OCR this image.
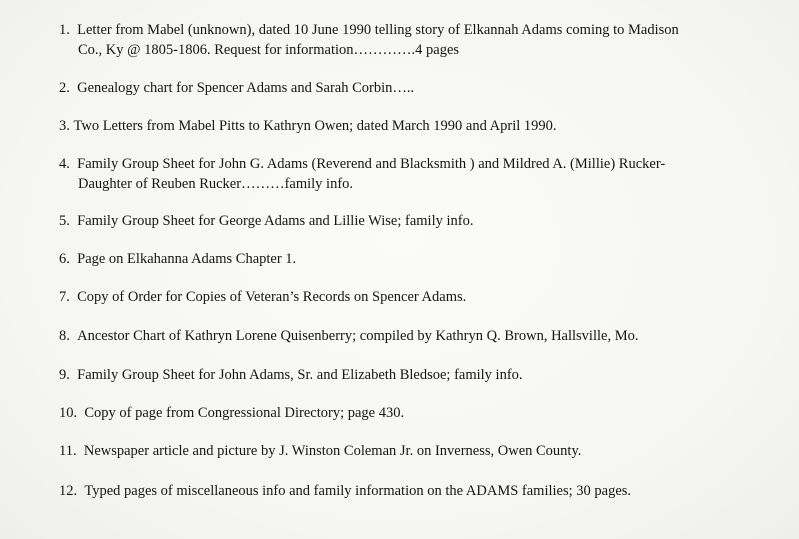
1. Letter from Mabel (unknown), dated 10 June 1990 telling story of Elkannah Adams coming to Madison
Co., Ky @ 1805-1806. Request for information………….4 pages
2. Genealogy chart for Spencer Adams and Sarah Corbin…..
3. Two Letters from Mabel Pitts to Kathryn Owen; dated March 1990 and April 1990.
4. Family Group Sheet for John G. Adams (Reverend and Blacksmith ) and Mildred A. (Millie) Rucker-
Daughter of Reuben Rucker………family info.
5. Family Group Sheet for George Adams and Lillie Wise; family info.
6. Page on Elkahanna Adams Chapter 1.
7. Copy of Order for Copies of Veteran’s Records on Spencer Adams.
8. Ancestor Chart of Kathryn Lorene Quisenberry; compiled by Kathryn Q. Brown, Hallsville, Mo.
9. Family Group Sheet for John Adams, Sr. and Elizabeth Bledsoe; family info.
10. Copy of page from Congressional Directory; page 430.
11. Newspaper article and picture by J. Winston Coleman Jr. on Inverness, Owen County.
12. Typed pages of miscellaneous info and family information on the ADAMS families; 30 pages.
